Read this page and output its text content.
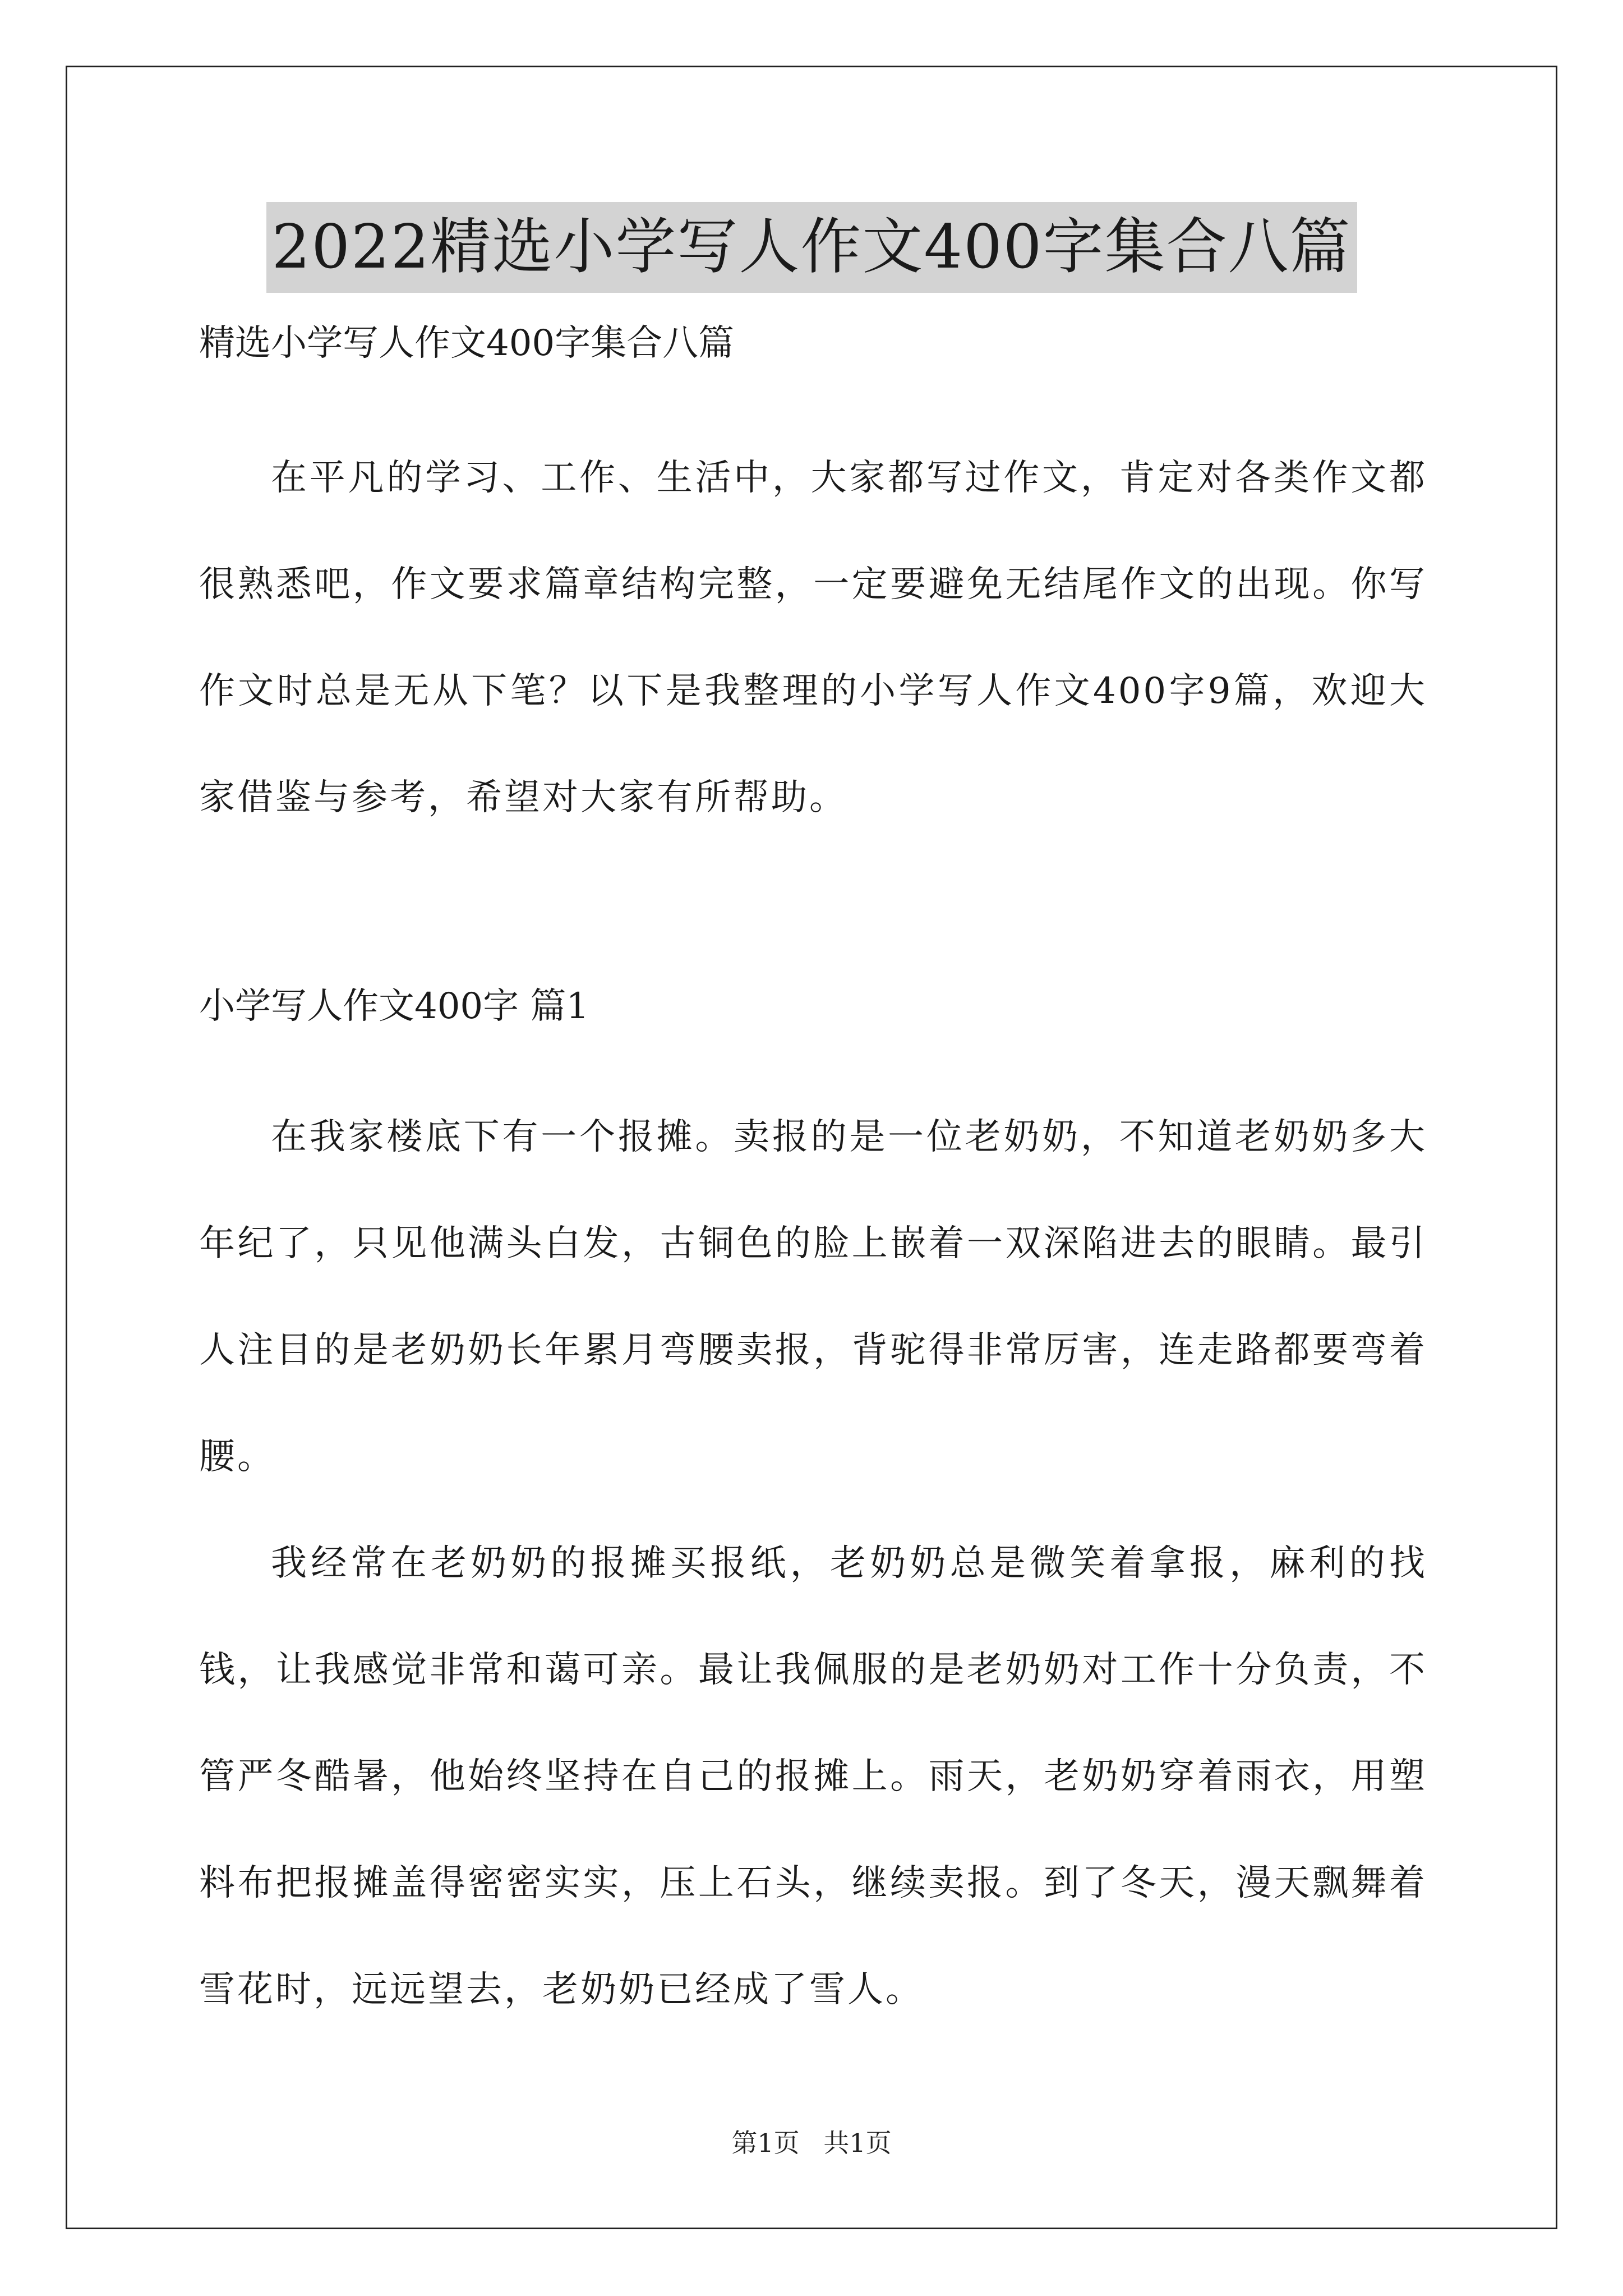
2022精选小学写人作文400字集合八篇

精选小学写人作文400字集合八篇

在平凡的学习、工作、生活中，大家都写过作文，肯定对各类作文都很熟悉吧，作文要求篇章结构完整，一定要避免无结尾作文的出现。你写作文时总是无从下笔？以下是我整理的小学写人作文400字9篇，欢迎大家借鉴与参考，希望对大家有所帮助。

小学写人作文400字 篇1

在我家楼底下有一个报摊。卖报的是一位老奶奶，不知道老奶奶多大年纪了，只见他满头白发，古铜色的脸上嵌着一双深陷进去的眼睛。最引人注目的是老奶奶长年累月弯腰卖报，背驼得非常厉害，连走路都要弯着腰。

我经常在老奶奶的报摊买报纸，老奶奶总是微笑着拿报，麻利的找钱，让我感觉非常和蔼可亲。最让我佩服的是老奶奶对工作十分负责，不管严冬酷暑，他始终坚持在自己的报摊上。雨天，老奶奶穿着雨衣，用塑料布把报摊盖得密密实实，压上石头，继续卖报。到了冬天，漫天飘舞着雪花时，远远望去，老奶奶已经成了雪人。

第1页 共1页
